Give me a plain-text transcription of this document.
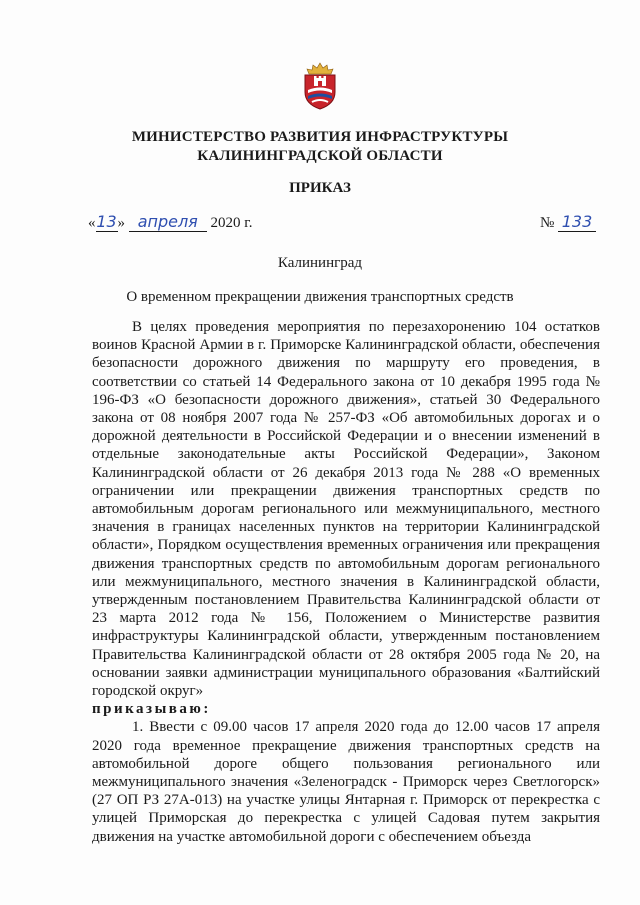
МИНИСТЕРСТВО РАЗВИТИЯ ИНФРАСТРУКТУРЫ
КАЛИНИНГРАДСКОЙ ОБЛАСТИ
ПРИКАЗ
«13» апреля 2020 г.	№ 133
Калининград
О временном прекращении движения транспортных средств

В целях проведения мероприятия по перезахоронению 104 остатков воинов Красной Армии в г. Приморске Калининградской области, обеспечения безопасности дорожного движения по маршруту его проведения, в соответствии со статьей 14 Федерального закона от 10 декабря 1995 года № 196-ФЗ «О безопасности дорожного движения», статьей 30 Федерального закона от 08 ноября 2007 года № 257-ФЗ «Об автомобильных дорогах и о дорожной деятельности в Российской Федерации и о внесении изменений в отдельные законодательные акты Российской Федерации», Законом Калининградской области от 26 декабря 2013 года № 288 «О временных ограничении или прекращении движения транспортных средств по автомобильным дорогам регионального или межмуниципального, местного значения в границах населенных пунктов на территории Калининградской области», Порядком осуществления временных ограничения или прекращения движения транспортных средств по автомобильным дорогам регионального или межмуниципального, местного значения в Калининградской области, утвержденным постановлением Правительства Калининградской области от 23 марта 2012 года № 156, Положением о Министерстве развития инфраструктуры Калининградской области, утвержденным постановлением Правительства Калининградской области от 28 октября 2005 года № 20, на основании заявки администрации муниципального образования «Балтийский городской округ»

приказываю:

1. Ввести с 09.00 часов 17 апреля 2020 года до 12.00 часов 17 апреля 2020 года временное прекращение движения транспортных средств на автомобильной дороге общего пользования регионального или межмуниципального значения «Зеленоградск - Приморск через Светлогорск» (27 ОП РЗ 27А-013) на участке улицы Янтарная г. Приморск от перекрестка с улицей Приморская до перекрестка с улицей Садовая путем закрытия движения на участке автомобильной дороги с обеспечением объезда
